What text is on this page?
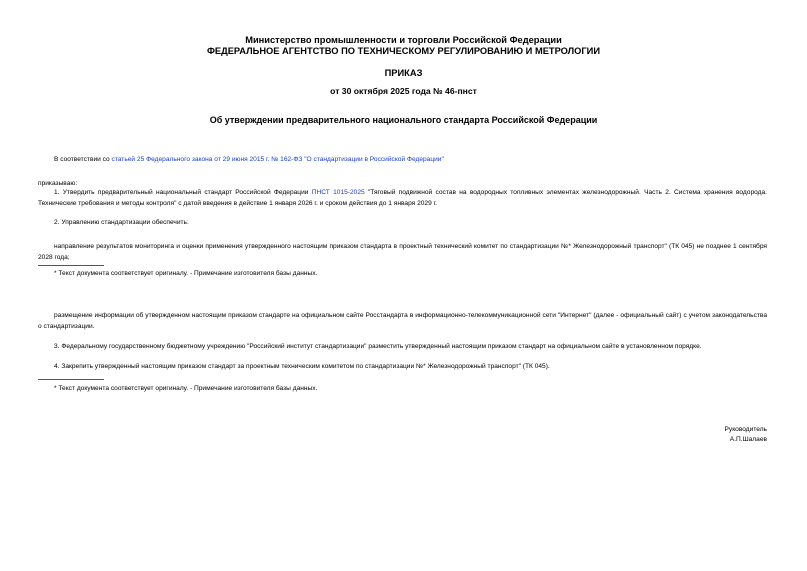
Министерство промышленности и торговли Российской Федерации
ФЕДЕРАЛЬНОЕ АГЕНТСТВО ПО ТЕХНИЧЕСКОМУ РЕГУЛИРОВАНИЮ И МЕТРОЛОГИИ
ПРИКАЗ
от 30 октября 2025 года № 46-пнст
Об утверждении предварительного национального стандарта Российской Федерации
В соответствии со статьей 25 Федерального закона от 29 июня 2015 г. № 162-ФЗ "О стандартизации в Российской Федерации"
приказываю:
1. Утвердить предварительный национальный стандарт Российской Федерации ПНСТ 1015-2025 "Тяговый подвижной состав на водородных топливных элементах железнодорожный. Часть 2. Система хранения водорода. Технические требования и методы контроля" с датой введения в действие 1 января 2026 г. и сроком действия до 1 января 2029 г.
2. Управлению стандартизации обеспечить:
направление результатов мониторинга и оценки применения утвержденного настоящим приказом стандарта в проектный технический комитет по стандартизации №* Железнодорожный транспорт" (ТК 045) не позднее 1 сентября 2028 года;
* Текст документа соответствует оригиналу. - Примечание изготовителя базы данных.
размещение информации об утвержденном настоящим приказом стандарте на официальном сайте Росстандарта в информационно-телекоммуникационной сети "Интернет" (далее - официальный сайт) с учетом законодательства о стандартизации.
3. Федеральному государственному бюджетному учреждению "Российский институт стандартизации" разместить утвержденный настоящим приказом стандарт на официальном сайте в установленном порядке.
4. Закрепить утвержденный настоящим приказом стандарт за проектным техническим комитетом по стандартизации №* Железнодорожный транспорт" (ТК 045).
* Текст документа соответствует оригиналу. - Примечание изготовителя базы данных.
Руководитель
А.П.Шалаев
